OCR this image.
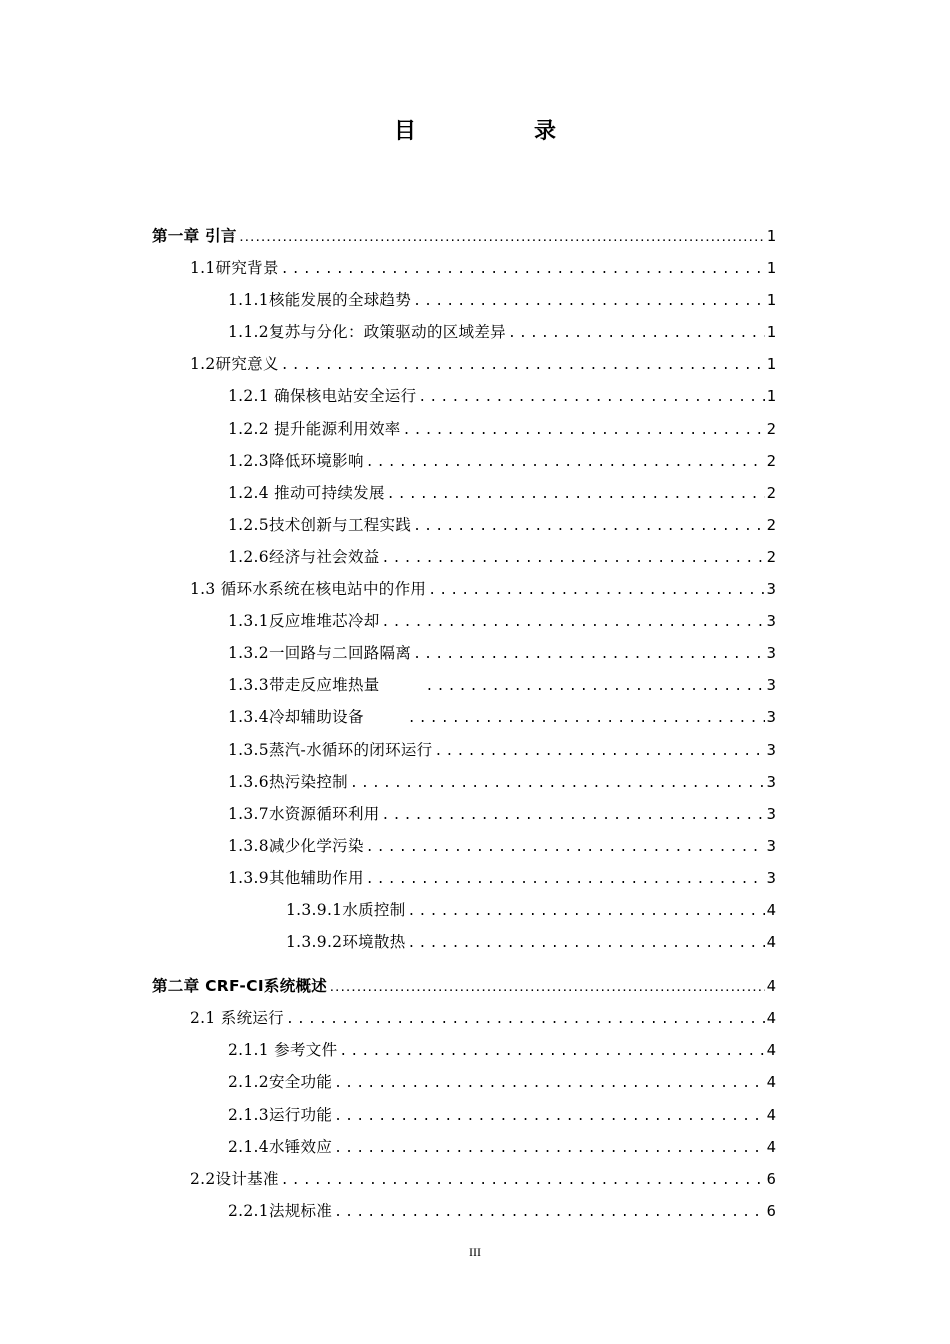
目　录
第一章 引言 .....	1
1.1研究背景 .....	1
1.1.1核能发展的全球趋势 .....	1
1.1.2复苏与分化：政策驱动的区域差异 .....	1
1.2研究意义 .....	1
1.2.1 确保核电站安全运行 .....	1
1.2.2 提升能源利用效率 .....	2
1.2.3降低环境影响 .....	2
1.2.4 推动可持续发展 .....	2
1.2.5技术创新与工程实践 .....	2
1.2.6经济与社会效益 .....	2
1.3 循环水系统在核电站中的作用 .....	3
1.3.1反应堆堆芯冷却 .....	3
1.3.2一回路与二回路隔离 .....	3
1.3.3带走反应堆热量 .....	3
1.3.4冷却辅助设备 .....	3
1.3.5蒸汽-水循环的闭环运行 .....	3
1.3.6热污染控制 .....	3
1.3.7水资源循环利用 .....	3
1.3.8减少化学污染 .....	3
1.3.9其他辅助作用 .....	3
1.3.9.1水质控制 .....	4
1.3.9.2环境散热 .....	4
第二章 CRF-CI系统概述 .....	4
2.1 系统运行 .....	4
2.1.1 参考文件 .....	4
2.1.2安全功能 .....	4
2.1.3运行功能 .....	4
2.1.4水锤效应 .....	4
2.2设计基准 .....	6
2.2.1法规标准 .....	6
III
